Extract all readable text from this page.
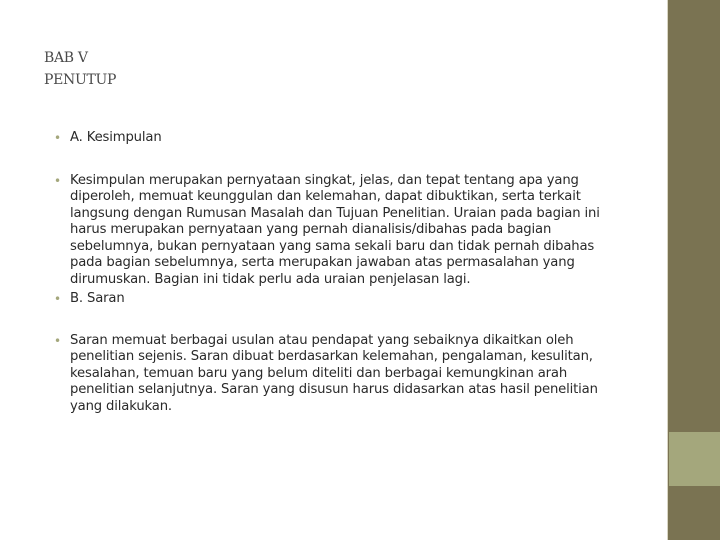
BAB V
PENUTUP
• A. Kesimpulan
• Kesimpulan merupakan pernyataan singkat, jelas, dan tepat tentang apa yang diperoleh, memuat keunggulan dan kelemahan, dapat dibuktikan, serta terkait langsung dengan Rumusan Masalah dan Tujuan Penelitian. Uraian pada bagian ini harus merupakan pernyataan yang pernah dianalisis/dibahas pada bagian sebelumnya, bukan pernyataan yang sama sekali baru dan tidak pernah dibahas pada bagian sebelumnya, serta merupakan jawaban atas permasalahan yang dirumuskan. Bagian ini tidak perlu ada uraian penjelasan lagi.
• B. Saran
• Saran memuat berbagai usulan atau pendapat yang sebaiknya dikaitkan oleh penelitian sejenis. Saran dibuat berdasarkan kelemahan, pengalaman, kesulitan, kesalahan, temuan baru yang belum diteliti dan berbagai kemungkinan arah penelitian selanjutnya. Saran yang disusun harus didasarkan atas hasil penelitian yang dilakukan.
